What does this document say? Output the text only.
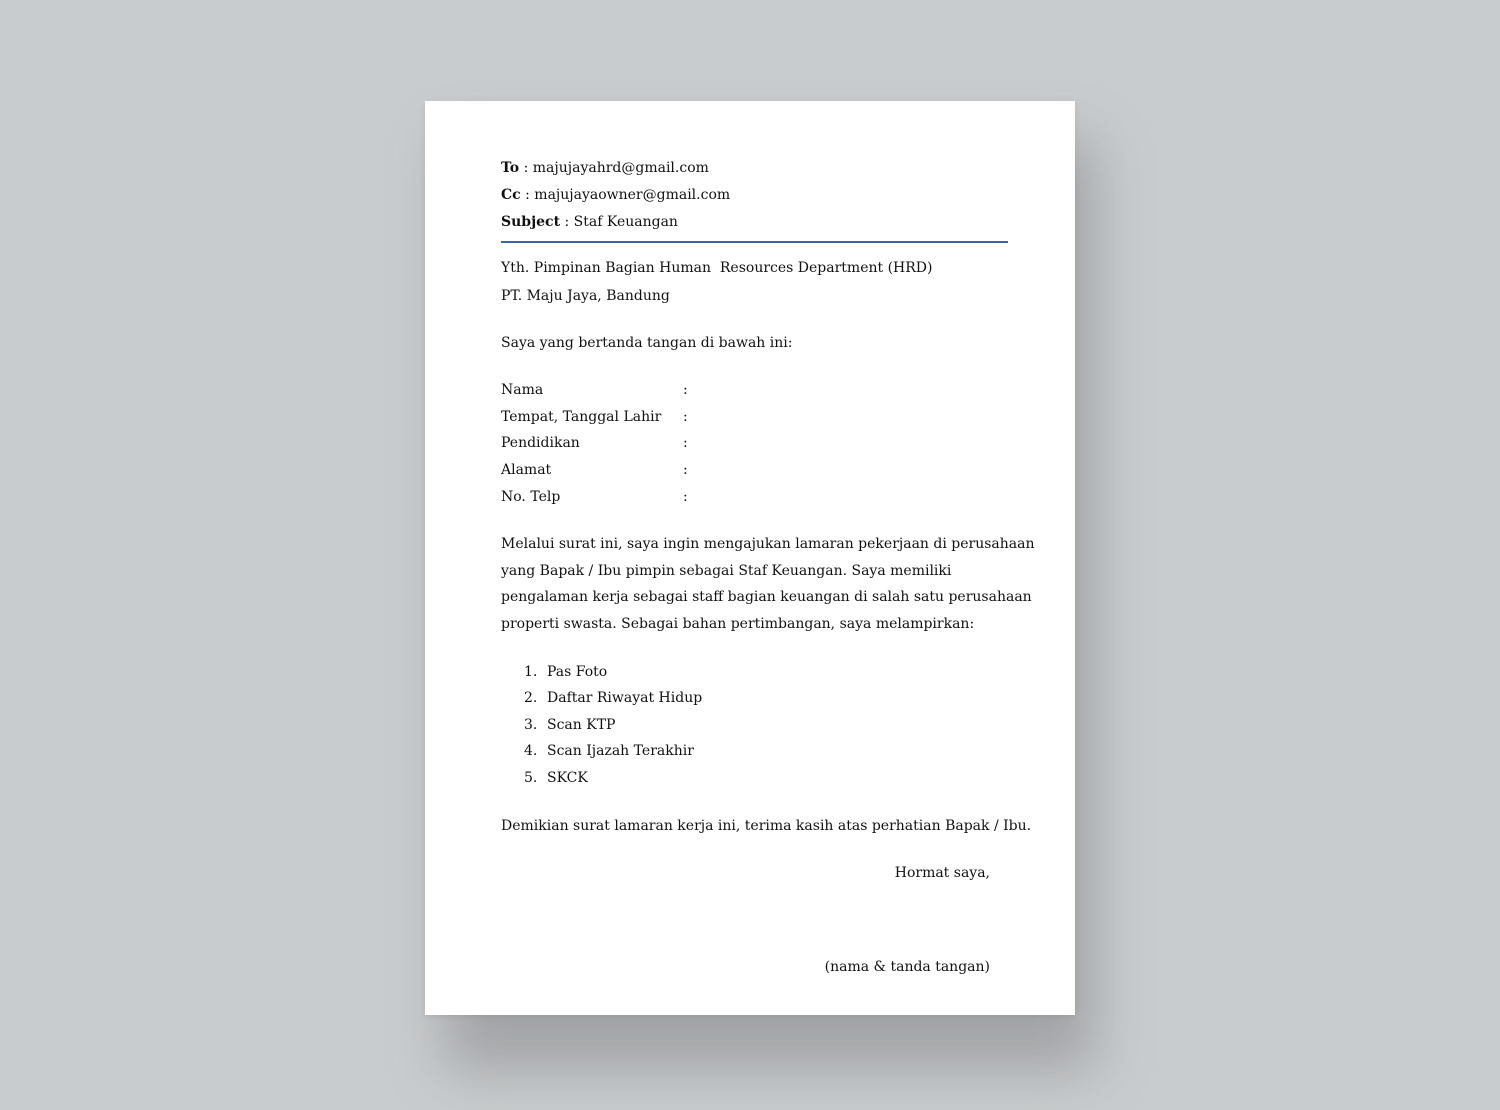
To : majujayahrd@gmail.com
Cc : majujayaowner@gmail.com
Subject : Staf Keuangan
Yth. Pimpinan Bagian Human  Resources Department (HRD)
PT. Maju Jaya, Bandung
Saya yang bertanda tangan di bawah ini:
Nama	:
Tempat, Tanggal Lahir :
Pendidikan	:
Alamat	:
No. Telp	:
Melalui surat ini, saya ingin mengajukan lamaran pekerjaan di perusahaan
yang Bapak / Ibu pimpin sebagai Staf Keuangan. Saya memiliki
pengalaman kerja sebagai staff bagian keuangan di salah satu perusahaan
properti swasta. Sebagai bahan pertimbangan, saya melampirkan:
1. Pas Foto
2. Daftar Riwayat Hidup
3. Scan KTP
4. Scan Ijazah Terakhir
5. SKCK
Demikian surat lamaran kerja ini, terima kasih atas perhatian Bapak / Ibu.
Hormat saya,
(nama & tanda tangan)
